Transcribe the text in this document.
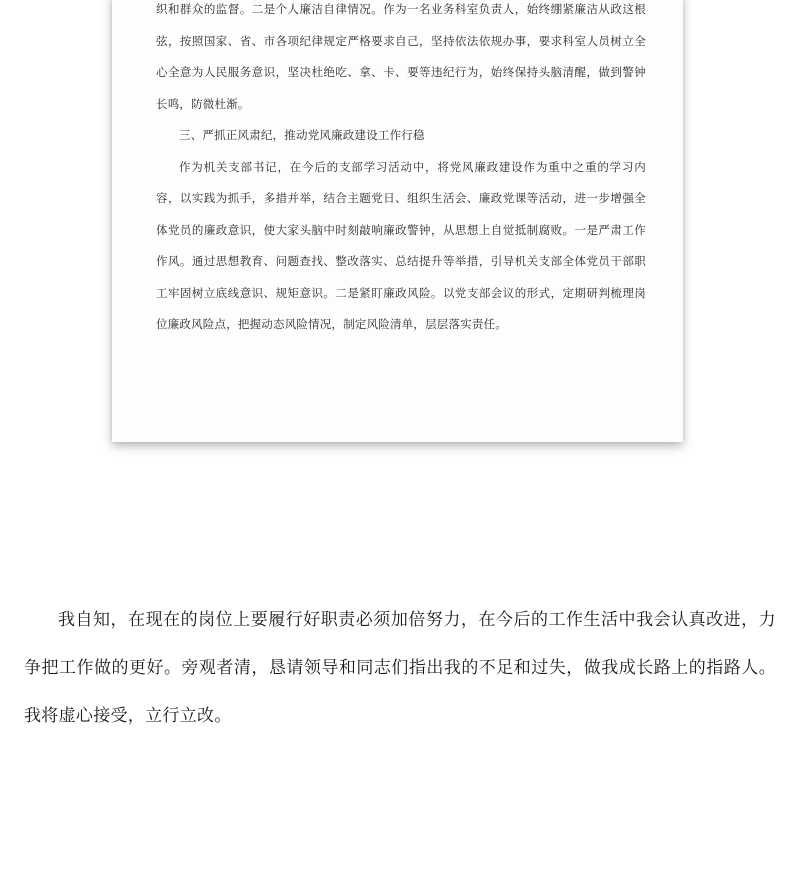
织和群众的监督。二是个人廉洁自律情况。作为一名业务科室负责人，始终绷紧廉洁从政这根弦，按照国家、省、市各项纪律规定严格要求自己，坚持依法依规办事，要求科室人员树立全心全意为人民服务意识，坚决杜绝吃、拿、卡、要等违纪行为，始终保持头脑清醒，做到警钟长鸣，防微杜渐。

三、严抓正风肃纪，推动党风廉政建设工作行稳

作为机关支部书记，在今后的支部学习活动中，将党风廉政建设作为重中之重的学习内容，以实践为抓手，多措并举，结合主题党日、组织生活会、廉政党课等活动，进一步增强全体党员的廉政意识，使大家头脑中时刻敲响廉政警钟，从思想上自觉抵制腐败。一是严肃工作作风。通过思想教育、问题查找、整改落实、总结提升等举措，引导机关支部全体党员干部职工牢固树立底线意识、规矩意识。二是紧盯廉政风险。以党支部会议的形式，定期研判梳理岗位廉政风险点，把握动态风险情况，制定风险清单，层层落实责任。

我自知，在现在的岗位上要履行好职责必须加倍努力，在今后的工作生活中我会认真改进，力争把工作做的更好。旁观者清，恳请领导和同志们指出我的不足和过失，做我成长路上的指路人。我将虚心接受，立行立改。
